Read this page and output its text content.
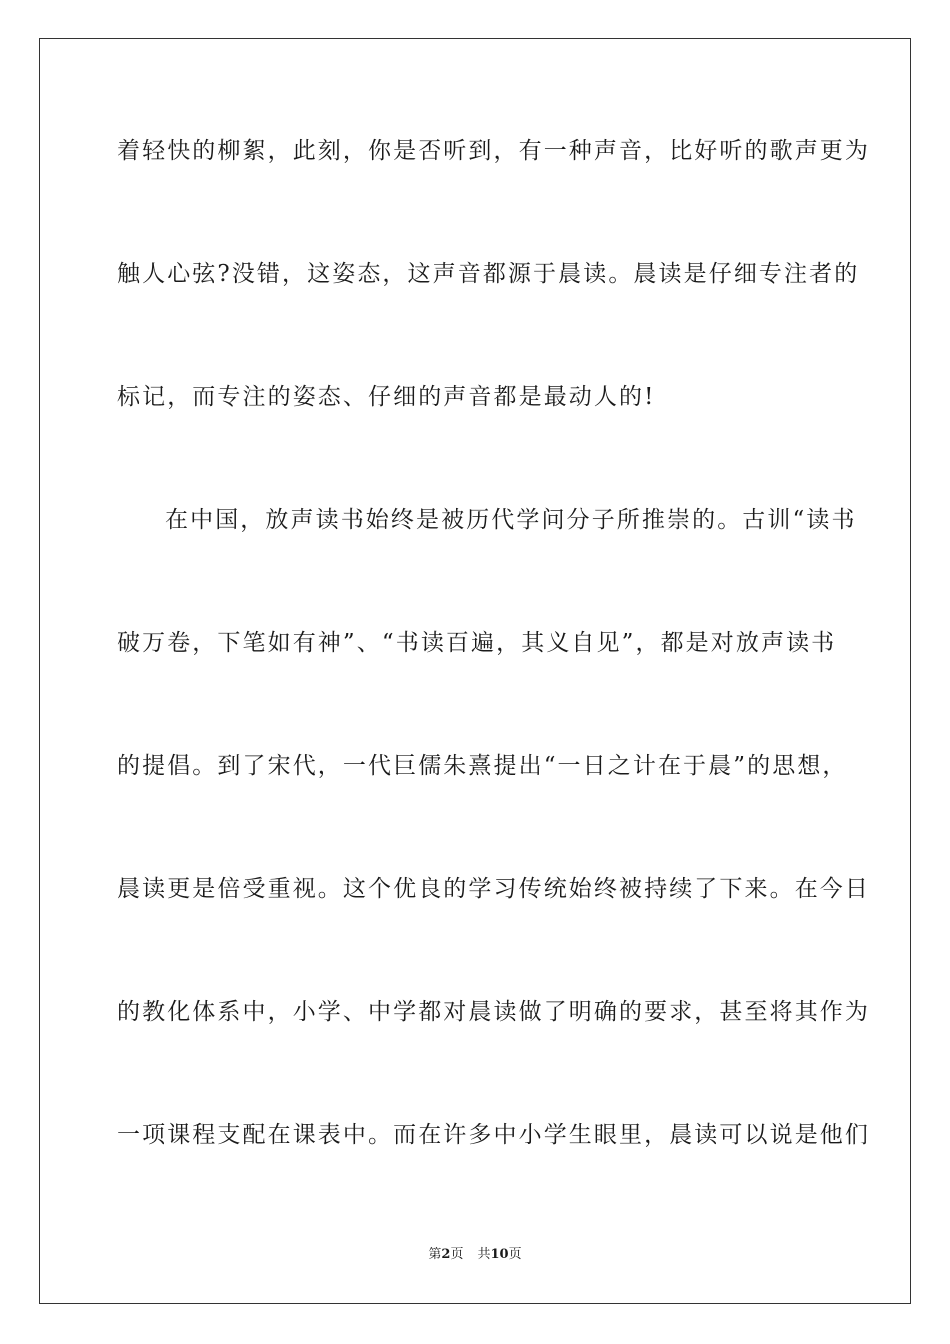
着轻快的柳絮，此刻，你是否听到，有一种声音，比好听的歌声更为
触人心弦?没错，这姿态，这声音都源于晨读。晨读是仔细专注者的
标记，而专注的姿态、仔细的声音都是最动人的!
在中国，放声读书始终是被历代学问分子所推崇的。古训“读书
破万卷，下笔如有神”、“书读百遍，其义自见”，都是对放声读书
的提倡。到了宋代，一代巨儒朱熹提出“一日之计在于晨”的思想，
晨读更是倍受重视。这个优良的学习传统始终被持续了下来。在今日
的教化体系中，小学、中学都对晨读做了明确的要求，甚至将其作为
一项课程支配在课表中。而在许多中小学生眼里，晨读可以说是他们
第2页 共10页
